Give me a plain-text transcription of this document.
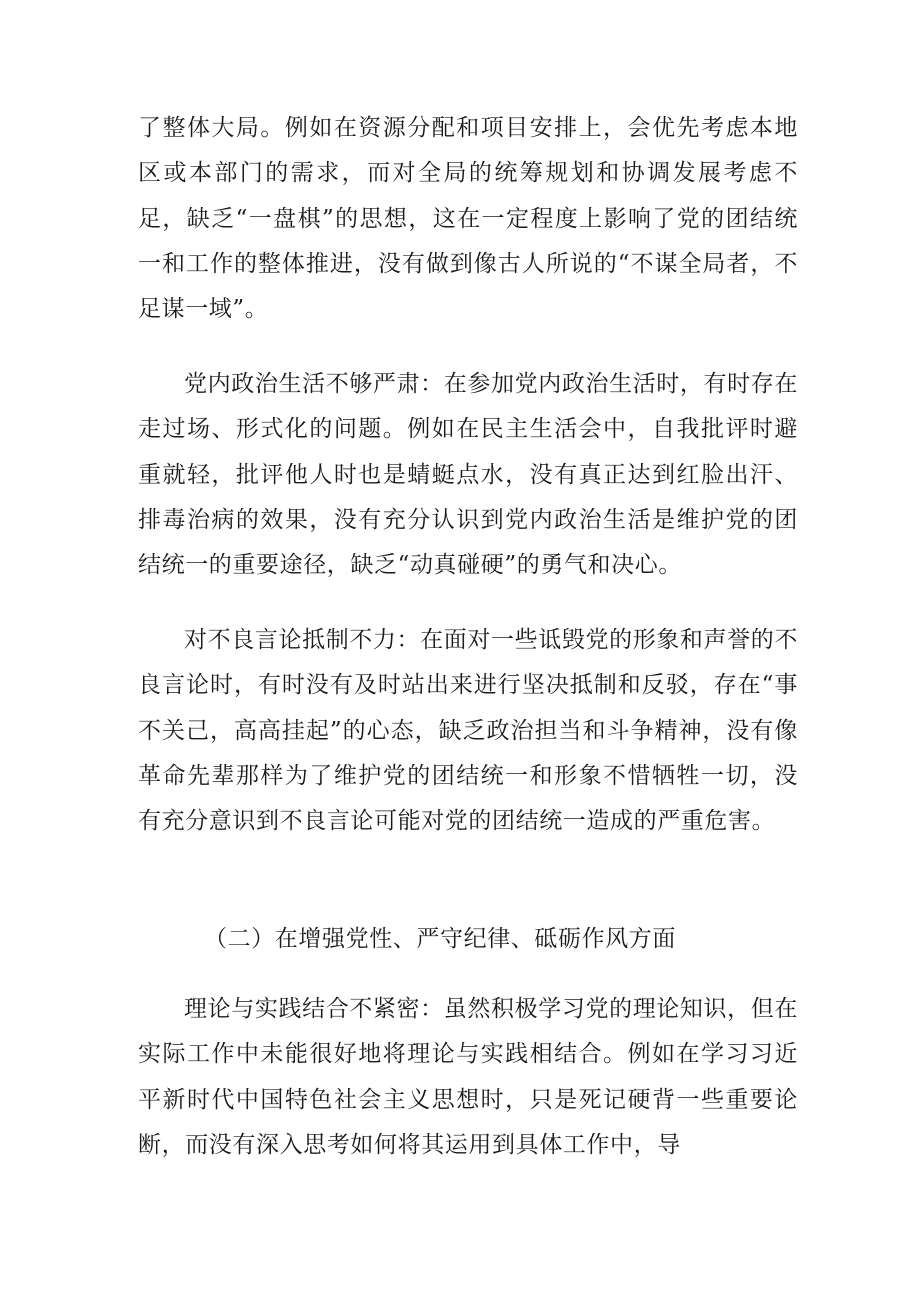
了整体大局。例如在资源分配和项目安排上，会优先考虑本地区或本部门的需求，而对全局的统筹规划和协调发展考虑不足，缺乏“一盘棋”的思想，这在一定程度上影响了党的团结统一和工作的整体推进，没有做到像古人所说的“不谋全局者，不足谋一域”。

党内政治生活不够严肃：在参加党内政治生活时，有时存在走过场、形式化的问题。例如在民主生活会中，自我批评时避重就轻，批评他人时也是蜻蜓点水，没有真正达到红脸出汗、排毒治病的效果，没有充分认识到党内政治生活是维护党的团结统一的重要途径，缺乏“动真碰硬”的勇气和决心。

对不良言论抵制不力：在面对一些诋毁党的形象和声誉的不良言论时，有时没有及时站出来进行坚决抵制和反驳，存在“事不关己，高高挂起”的心态，缺乏政治担当和斗争精神，没有像革命先辈那样为了维护党的团结统一和形象不惜牺牲一切，没有充分意识到不良言论可能对党的团结统一造成的严重危害。

（二）在增强党性、严守纪律、砥砺作风方面

理论与实践结合不紧密：虽然积极学习党的理论知识，但在实际工作中未能很好地将理论与实践相结合。例如在学习习近平新时代中国特色社会主义思想时，只是死记硬背一些重要论断，而没有深入思考如何将其运用到具体工作中，导
